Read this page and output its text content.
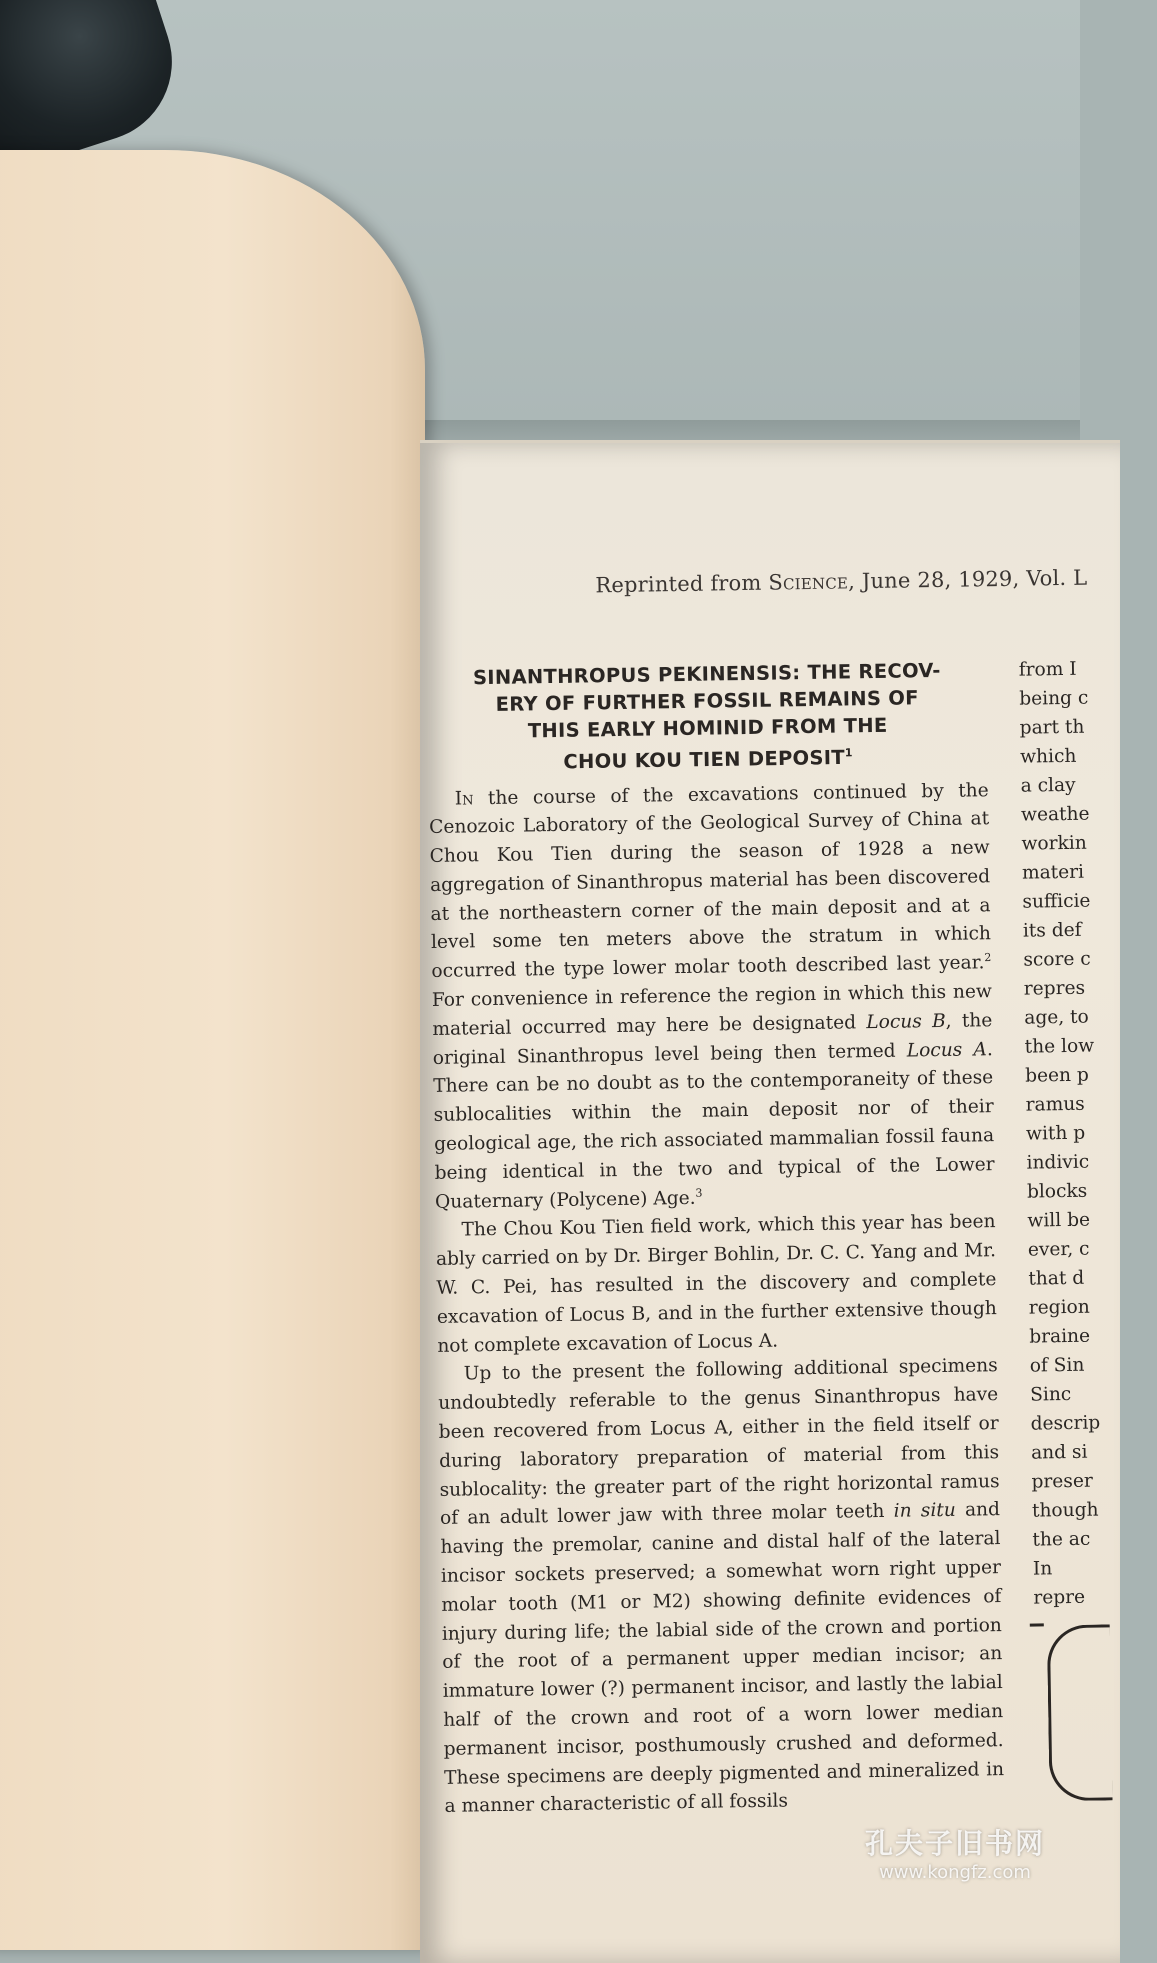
Reprinted from Science, June 28, 1929, Vol. L
SINANTHROPUS PEKINENSIS: THE RECOV-
ERY OF FURTHER FOSSIL REMAINS OF
THIS EARLY HOMINID FROM THE
CHOU KOU TIEN DEPOSIT$^1$

In the course of the excavations continued by the Cenozoic Laboratory of the Geological Survey of China at Chou Kou Tien during the season of 1928 a new aggregation of Sinanthropus material has been discovered at the northeastern corner of the main deposit and at a level some ten meters above the stratum in which occurred the type lower molar tooth described last year.$^2$ For convenience in reference the region in which this new material occurred may here be designated Locus B, the original Sinanthropus level being then termed Locus A. There can be no doubt as to the contemporaneity of these sublocalities within the main deposit nor of their geological age, the rich associated mammalian fossil fauna being identical in the two and typical of the Lower Quaternary (Polycene) Age.$^3$

The Chou Kou Tien field work, which this year has been ably carried on by Dr. Birger Bohlin, Dr. C. C. Yang and Mr. W. C. Pei, has resulted in the discovery and complete excavation of Locus B, and in the further extensive though not complete excavation of Locus A.

Up to the present the following additional specimens undoubtedly referable to the genus Sinanthropus have been recovered from Locus A, either in the field itself or during laboratory preparation of material from this sublocality: the greater part of the right horizontal ramus of an adult lower jaw with three molar teeth in situ and having the premolar, canine and distal half of the lateral incisor sockets preserved; a somewhat worn right upper molar tooth (M1 or M2) showing definite evidences of injury during life; the labial side of the crown and portion of the root of a permanent upper median incisor; an immature lower (?) permanent incisor, and lastly the labial half of the crown and root of a worn lower median permanent incisor, posthumously crushed and deformed. These specimens are deeply pigmented and mineralized in a manner characteristic of all fossils

from I
being c
part th
which
a clay
weathe
workin
materi
sufficie
its def
score c
repres
age, to
the low
been p
ramus
with p
indivic
blocks
will be
ever, c
that d
region
braine
of Sin
Sinc
descrip
and si
preser
though
the ac
In
repre
孔夫子旧书网
www.kongfz.com
